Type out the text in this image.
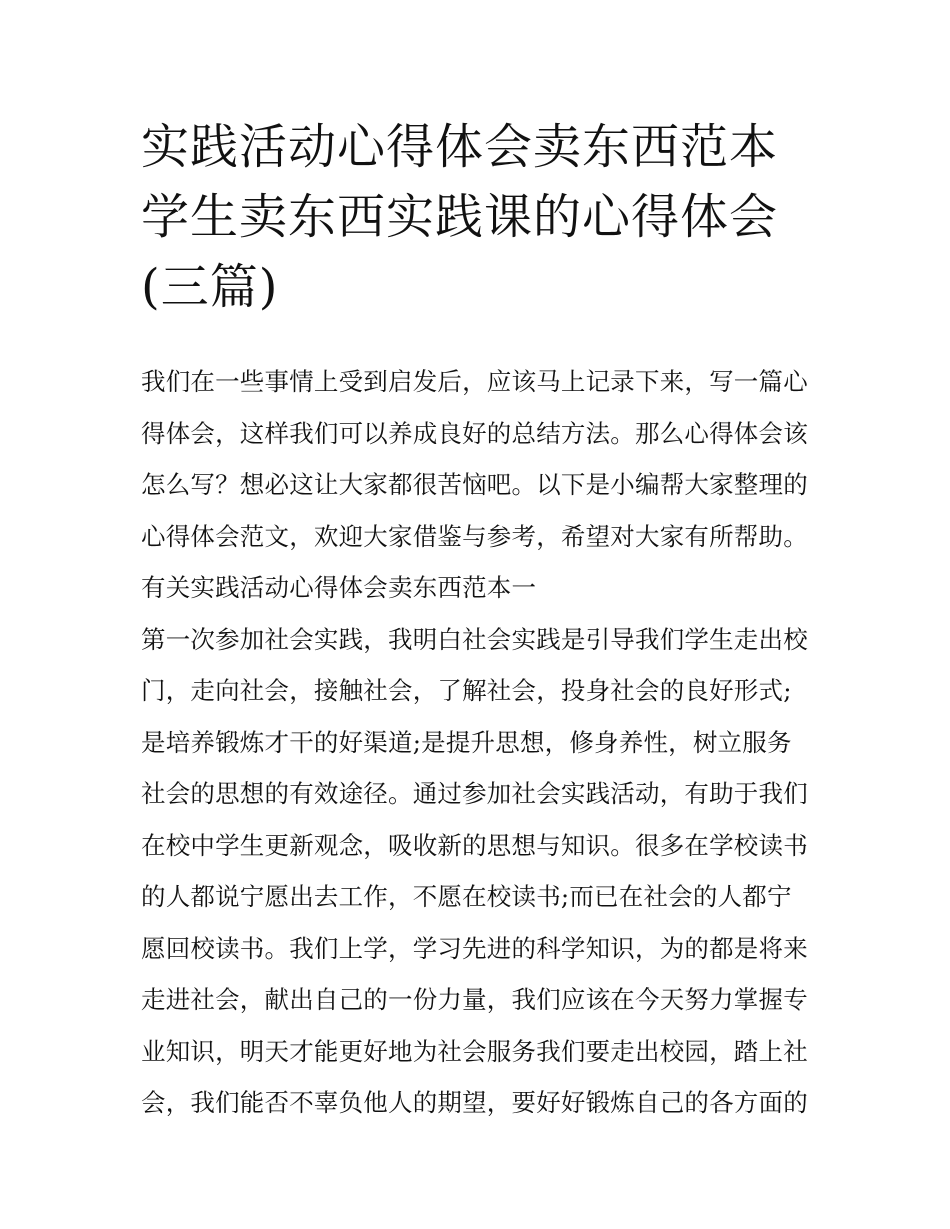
实践活动心得体会卖东西范本
学生卖东西实践课的心得体会
(三篇)
我们在一些事情上受到启发后，应该马上记录下来，写一篇心
得体会，这样我们可以养成良好的总结方法。那么心得体会该
怎么写？想必这让大家都很苦恼吧。以下是小编帮大家整理的
心得体会范文，欢迎大家借鉴与参考，希望对大家有所帮助。
有关实践活动心得体会卖东西范本一
第一次参加社会实践，我明白社会实践是引导我们学生走出校
门，走向社会，接触社会，了解社会，投身社会的良好形式;
是培养锻炼才干的好渠道;是提升思想，修身养性，树立服务
社会的思想的有效途径。通过参加社会实践活动，有助于我们
在校中学生更新观念，吸收新的思想与知识。很多在学校读书
的人都说宁愿出去工作，不愿在校读书;而已在社会的人都宁
愿回校读书。我们上学，学习先进的科学知识，为的都是将来
走进社会，献出自己的一份力量，我们应该在今天努力掌握专
业知识，明天才能更好地为社会服务我们要走出校园，踏上社
会，我们能否不辜负他人的期望，要好好锻炼自己的各方面的
